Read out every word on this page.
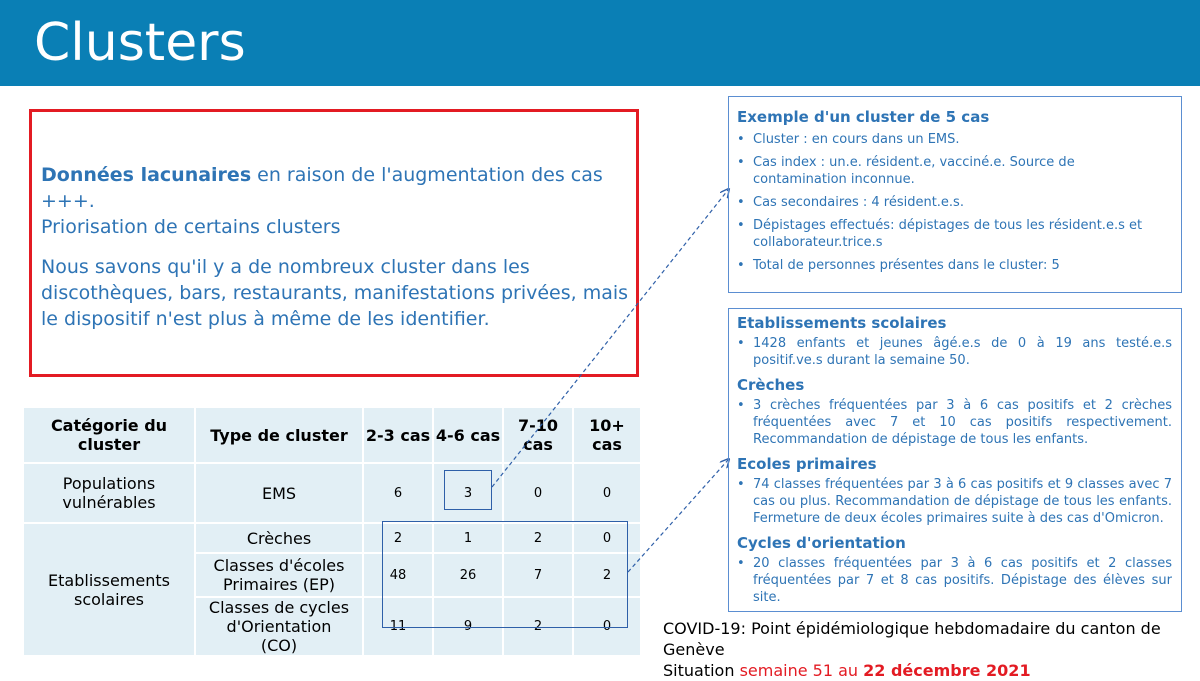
Clusters

Données lacunaires en raison de l'augmentation des cas +++.
Priorisation de certains clusters

Nous savons qu'il y a de nombreux cluster dans les discothèques, bars, restaurants, manifestations privées, mais le dispositif n'est plus à même de les identifier.

Catégorie du cluster	Type de cluster	2-3 cas	4-6 cas	7-10 cas	10+ cas
Populations vulnérables	EMS	6	3	0	0
Etablissements scolaires	Crèches	2	1	2	0
	Classes d'écoles Primaires (EP)	48	26	7	2
	Classes de cycles d'Orientation (CO)	11	9	2	0
Exemple d'un cluster de 5 cas
• Cluster : en cours dans un EMS.
• Cas index : un.e. résident.e, vacciné.e. Source de contamination inconnue.
• Cas secondaires : 4 résident.e.s.
• Dépistages effectués: dépistages de tous les résident.e.s et collaborateur.trice.s
• Total de personnes présentes dans le cluster: 5
Etablissements scolaires
• 1428 enfants et jeunes âgé.e.s de 0 à 19 ans testé.e.s positif.ve.s durant la semaine 50.
Crèches
• 3 crèches fréquentées par 3 à 6 cas positifs et 2 crèches fréquentées avec 7 et 10 cas positifs respectivement. Recommandation de dépistage de tous les enfants.
Ecoles primaires
• 74 classes fréquentées par 3 à 6 cas positifs et 9 classes avec 7 cas ou plus. Recommandation de dépistage de tous les enfants. Fermeture de deux écoles primaires suite à des cas d'Omicron.
Cycles d'orientation
• 20 classes fréquentées par 3 à 6 cas positifs et 2 classes fréquentées par 7 et 8 cas positifs. Dépistage des élèves sur site.
COVID-19: Point épidémiologique hebdomadaire du canton de Genève
Situation semaine 51 au 22 décembre 2021
